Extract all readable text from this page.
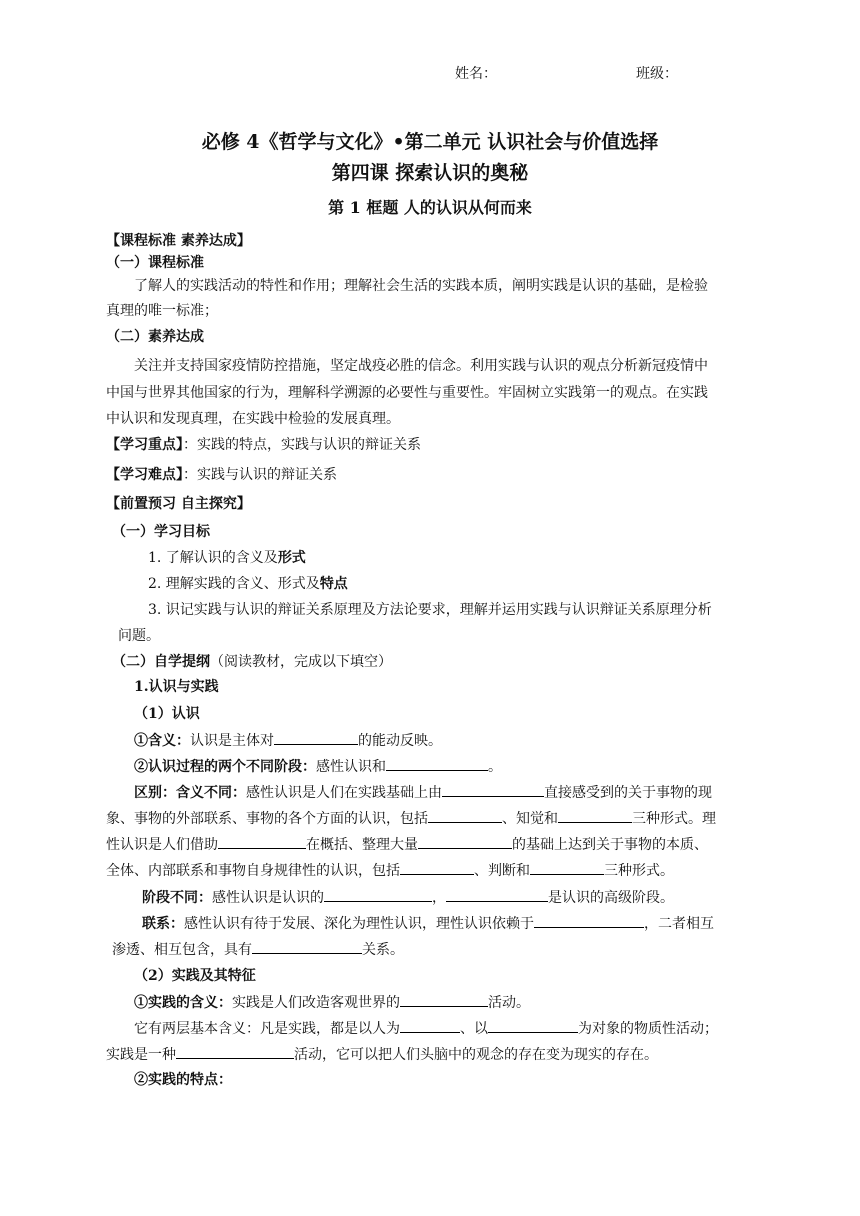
姓名：	班级：
必修 4《哲学与文化》•第二单元 认识社会与价值选择
第四课 探索认识的奥秘
第 1 框题 人的认识从何而来
【课程标准 素养达成】
（一）课程标准
了解人的实践活动的特性和作用；理解社会生活的实践本质，阐明实践是认识的基础，是检验
真理的唯一标准；
（二）素养达成
关注并支持国家疫情防控措施，坚定战疫必胜的信念。利用实践与认识的观点分析新冠疫情中
中国与世界其他国家的行为，理解科学溯源的必要性与重要性。牢固树立实践第一的观点。在实践
中认识和发现真理，在实践中检验的发展真理。
【学习重点】：实践的特点，实践与认识的辩证关系
【学习难点】：实践与认识的辩证关系
【前置预习 自主探究】
（一）学习目标
1. 了解认识的含义及形式
2. 理解实践的含义、形式及特点
3. 识记实践与认识的辩证关系原理及方法论要求，理解并运用实践与认识辩证关系原理分析
问题。
（二）自学提纲（阅读教材，完成以下填空）
1.认识与实践
（1）认识
①含义：认识是主体对	的能动反映。
②认识过程的两个不同阶段：感性认识和	。
区别：含义不同：感性认识是人们在实践基础上由	直接感受到的关于事物的现
象、事物的外部联系、事物的各个方面的认识，包括	、知觉和	三种形式。理
性认识是人们借助	在概括、整理大量	的基础上达到关于事物的本质、
全体、内部联系和事物自身规律性的认识，包括	、判断和	三种形式。
阶段不同：感性认识是认识的	，	是认识的高级阶段。
联系：感性认识有待于发展、深化为理性认识，理性认识依赖于	，二者相互
渗透、相互包含，具有	关系。
（2）实践及其特征
①实践的含义：实践是人们改造客观世界的	活动。
它有两层基本含义：凡是实践，都是以人为	、以	为对象的物质性活动；
实践是一种	活动，它可以把人们头脑中的观念的存在变为现实的存在。
②实践的特点：
